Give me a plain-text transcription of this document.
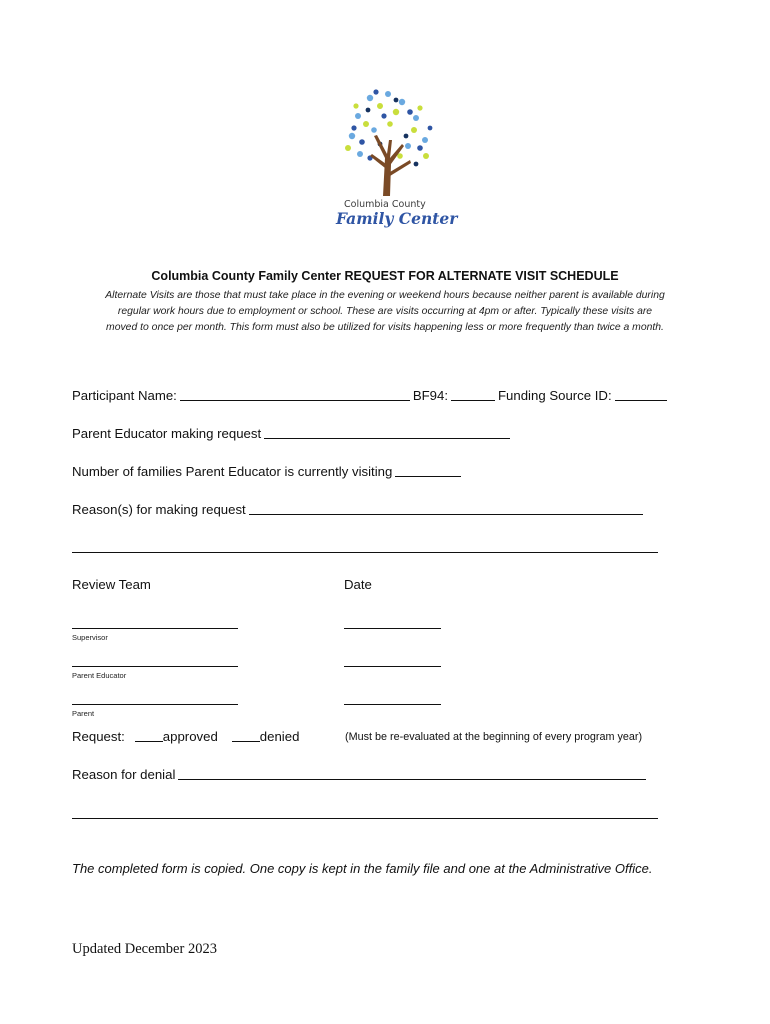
Columbia County
Family Center
Columbia County Family Center REQUEST FOR ALTERNATE VISIT SCHEDULE
Alternate Visits are those that must take place in the evening or weekend hours because neither parent is available during
regular work hours due to employment or school. These are visits occurring at 4pm or after. Typically these visits are
moved to once per month. This form must also be utilized for visits happening less or more frequently than twice a month.
Participant Name:	BF94:	Funding Source ID:
Parent Educator making request
Number of families Parent Educator is currently visiting
Reason(s) for making request
Review Team	Date
Supervisor
Parent Educator
Parent
Request:	approved	denied	(Must be re-evaluated at the beginning of every program year)
Reason for denial
The completed form is copied. One copy is kept in the family file and one at the Administrative Office.
Updated December 2023
